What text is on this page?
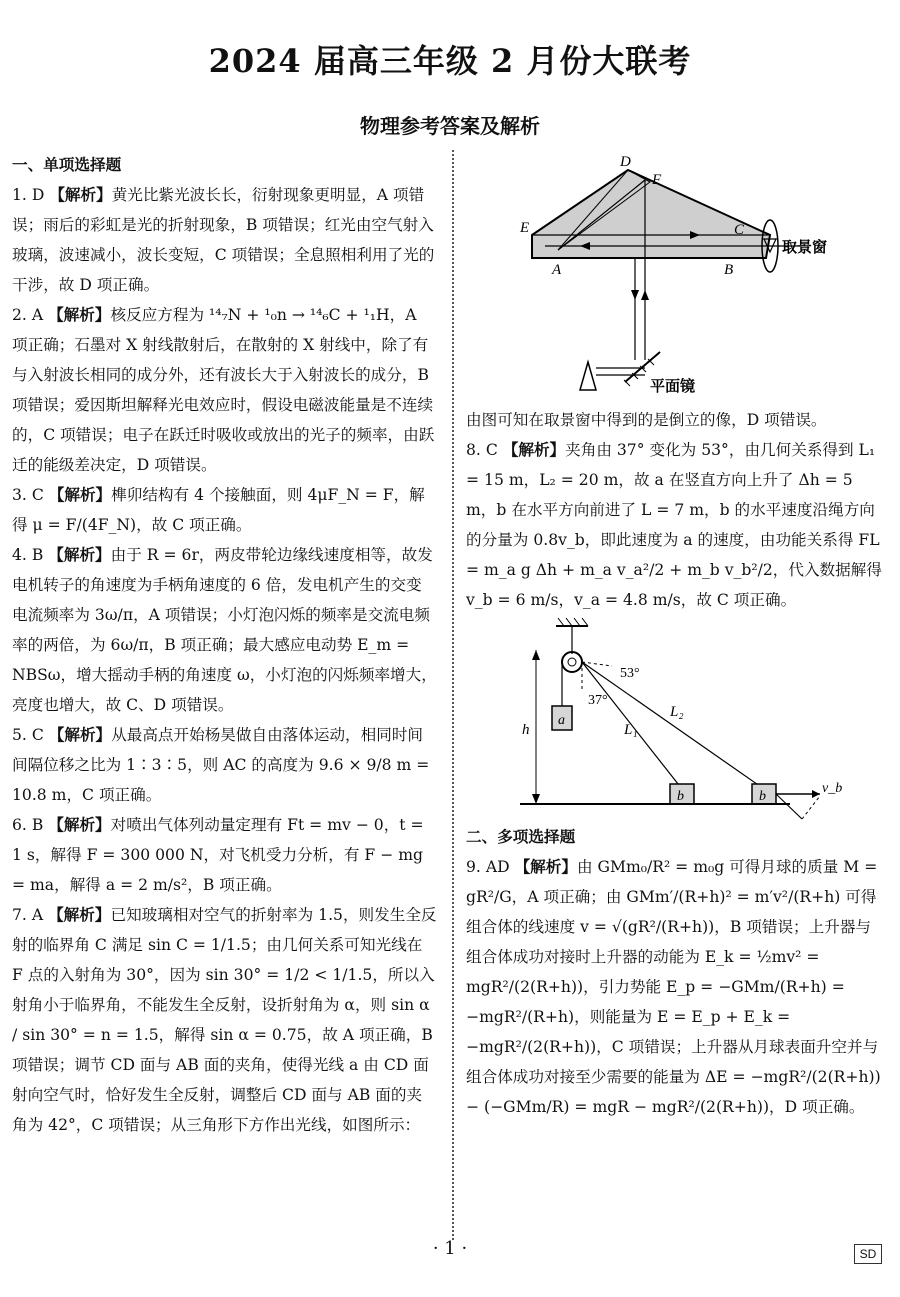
2024 届高三年级 2 月份大联考
物理参考答案及解析
一、单项选择题

1. D 【解析】黄光比紫光波长长，衍射现象更明显，A 项错误；雨后的彩虹是光的折射现象，B 项错误；红光由空气射入玻璃，波速减小，波长变短，C 项错误；全息照相利用了光的干涉，故 D 项正确。

2. A 【解析】核反应方程为 ¹⁴₇N + ¹₀n → ¹⁴₆C + ¹₁H，A 项正确；石墨对 X 射线散射后，在散射的 X 射线中，除了有与入射波长相同的成分外，还有波长大于入射波长的成分，B 项错误；爱因斯坦解释光电效应时，假设电磁波能量是不连续的，C 项错误；电子在跃迁时吸收或放出的光子的频率，由跃迁的能级差决定，D 项错误。

3. C 【解析】榫卯结构有 4 个接触面，则 4μF_N = F，解得 μ = F/(4F_N)，故 C 项正确。

4. B 【解析】由于 R = 6r，两皮带轮边缘线速度相等，故发电机转子的角速度为手柄角速度的 6 倍，发电机产生的交变电流频率为 3ω/π，A 项错误；小灯泡闪烁的频率是交流电频率的两倍，为 6ω/π，B 项正确；最大感应电动势 E_m = NBSω，增大摇动手柄的角速度 ω，小灯泡的闪烁频率增大，亮度也增大，故 C、D 项错误。

5. C 【解析】从最高点开始杨昊做自由落体运动，相同时间间隔位移之比为 1∶3∶5，则 AC 的高度为 9.6 × 9/8 m = 10.8 m，C 项正确。

6. B 【解析】对喷出气体列动量定理有 Ft = mv − 0，t = 1 s，解得 F = 300 000 N，对飞机受力分析，有 F − mg = ma，解得 a = 2 m/s²，B 项正确。

7. A 【解析】已知玻璃相对空气的折射率为 1.5，则发生全反射的临界角 C 满足 sin C = 1/1.5；由几何关系可知光线在 F 点的入射角为 30°，因为 sin 30° = 1/2 < 1/1.5，所以入射角小于临界角，不能发生全反射，设折射角为 α，则 sin α / sin 30° = n = 1.5，解得 sin α = 0.75，故 A 项正确，B 项错误；调节 CD 面与 AB 面的夹角，使得光线 a 由 CD 面射向空气时，恰好发生全反射，调整后 CD 面与 AB 面的夹角为 42°，C 项错误；从三角形下方作出光线，如图所示：

D
F
E	C
A	B
取景窗
平面镜

由图可知在取景窗中得到的是倒立的像，D 项错误。

8. C 【解析】夹角由 37° 变化为 53°，由几何关系得到 L₁ = 15 m，L₂ = 20 m，故 a 在竖直方向上升了 Δh = 5 m，b 在水平方向前进了 L = 7 m，b 的水平速度沿绳方向的分量为 0.8v_b，即此速度为 a 的速度，由功能关系得 FL = m_a g Δh + m_a v_a²/2 + m_b v_b²/2，代入数据解得 v_b = 6 m/s，v_a = 4.8 m/s，故 C 项正确。

53°
37°
L₁
L₂
h
a
b	b
v_b
二、多项选择题

9. AD 【解析】由 GMm₀/R² = m₀g 可得月球的质量 M = gR²/G，A 项正确；由 GMm′/(R+h)² = m′v²/(R+h) 可得组合体的线速度 v = √(gR²/(R+h))，B 项错误；上升器与组合体成功对接时上升器的动能为 E_k = ½mv² = mgR²/(2(R+h))，引力势能 E_p = −GMm/(R+h) = −mgR²/(R+h)，则能量为 E = E_p + E_k = −mgR²/(2(R+h))，C 项错误；上升器从月球表面升空并与组合体成功对接至少需要的能量为 ΔE = −mgR²/(2(R+h)) − (−GMm/R) = mgR − mgR²/(2(R+h))，D 项正确。

· 1 ·	SD
